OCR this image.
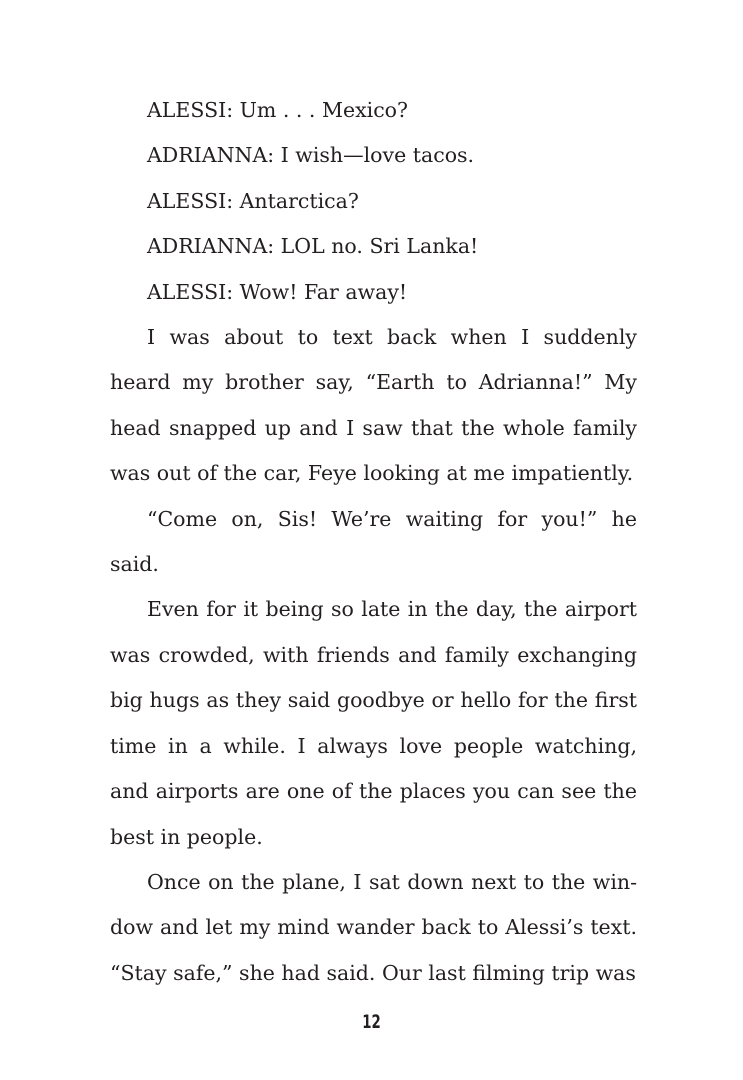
ALESSI: Um . . . Mexico?

ADRIANNA: I wish—love tacos.

ALESSI: Antarctica?

ADRIANNA: LOL no. Sri Lanka!

ALESSI: Wow! Far away!

I was about to text back when I suddenly heard my brother say, “Earth to Adrianna!” My head snapped up and I saw that the whole family was out of the car, Feye looking at me impatiently.

“Come on, Sis! We’re waiting for you!” he said.

Even for it being so late in the day, the airport was crowded, with friends and family exchanging big hugs as they said goodbye or hello for the first time in a while. I always love people watching, and airports are one of the places you can see the best in people.

Once on the plane, I sat down next to the win-dow and let my mind wander back to Alessi’s text. “Stay safe,” she had said. Our last filming trip was

12
